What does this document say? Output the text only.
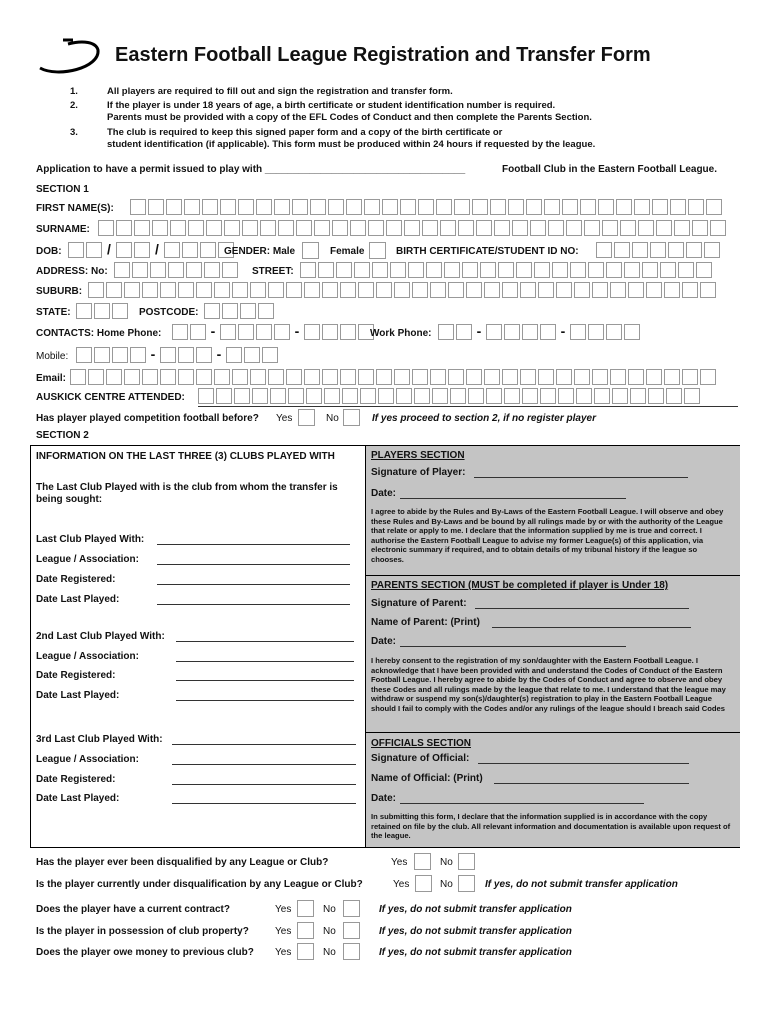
Eastern Football League Registration and Transfer Form
1.	All players are required to fill out and sign the registration and transfer form.
2.	If the player is under 18 years of age, a birth certificate or student identification number is required.
Parents must be provided with a copy of the EFL Codes of Conduct and then complete the Parents Section.
3.	The club is required to keep this signed paper form and a copy of the birth certificate or
student identification (if applicable). This form must be produced within 24 hours if requested by the league.
Application to have a permit issued to play with ____________________________________	Football Club in the Eastern Football League.
SECTION 1
FIRST NAME(S):
SURNAME:
DOB:	/	/	GENDER: Male	Female	BIRTH CERTIFICATE/STUDENT ID NO:
ADDRESS: No:	STREET:
SUBURB:
STATE:	POSTCODE:
CONTACTS: Home Phone:	-	-	Work Phone:	-	-
Mobile:	-	-
Email:
AUSKICK CENTRE ATTENDED:
Has player played competition football before? Yes	No	If yes proceed to section 2, if no register player
SECTION 2
INFORMATION ON THE LAST THREE (3) CLUBS PLAYED WITH
The Last Club Played with is the club from whom the transfer is being sought:
Last Club Played With:
League / Association:
Date Registered:
Date Last Played:
2nd Last Club Played With:
League / Association:
Date Registered:
Date Last Played:
3rd Last Club Played With:
League / Association:
Date Registered:
Date Last Played:
PLAYERS SECTION
Signature of Player:
Date:
I agree to abide by the Rules and By-Laws of the Eastern Football League. I will observe and obey these Rules and By-Laws and be bound by all rulings made by or with the authority of the League that relate or apply to me. I declare that the information supplied by me is true and correct. I authorise the Eastern Football League to advise my former League(s) of this application, via electronic summary if required, and to obtain details of my tribunal history if the league so chooses.
PARENTS SECTION (MUST be completed if player is Under 18)
Signature of Parent:
Name of Parent: (Print)
Date:
I hereby consent to the registration of my son/daughter with the Eastern Football League. I acknowledge that I have been provided with and understand the Codes of Conduct of the Eastern Football League. I hereby agree to abide by the Codes of Conduct and agree to observe and obey these Codes and all rulings made by the league that relate to me. I understand that the league may withdraw or suspend my son(s)/daughter(s) registration to play in the Eastern Football League should I fail to comply with the Codes and/or any rulings of the league should I breach said Codes
OFFICIALS SECTION
Signature of Official:
Name of Official: (Print)
Date:
In submitting this form, I declare that the information supplied is in accordance with the copy retained on file by the club. All relevant information and documentation is available upon request of the league.
Has the player ever been disqualified by any League or Club?	Yes	No
Is the player currently under disqualification by any League or Club?	Yes	No	If yes, do not submit transfer application
Does the player have a current contract?	Yes	No	If yes, do not submit transfer application
Is the player in possession of club property?	Yes	No	If yes, do not submit transfer application
Does the player owe money to previous club? Yes	No	If yes, do not submit transfer application
